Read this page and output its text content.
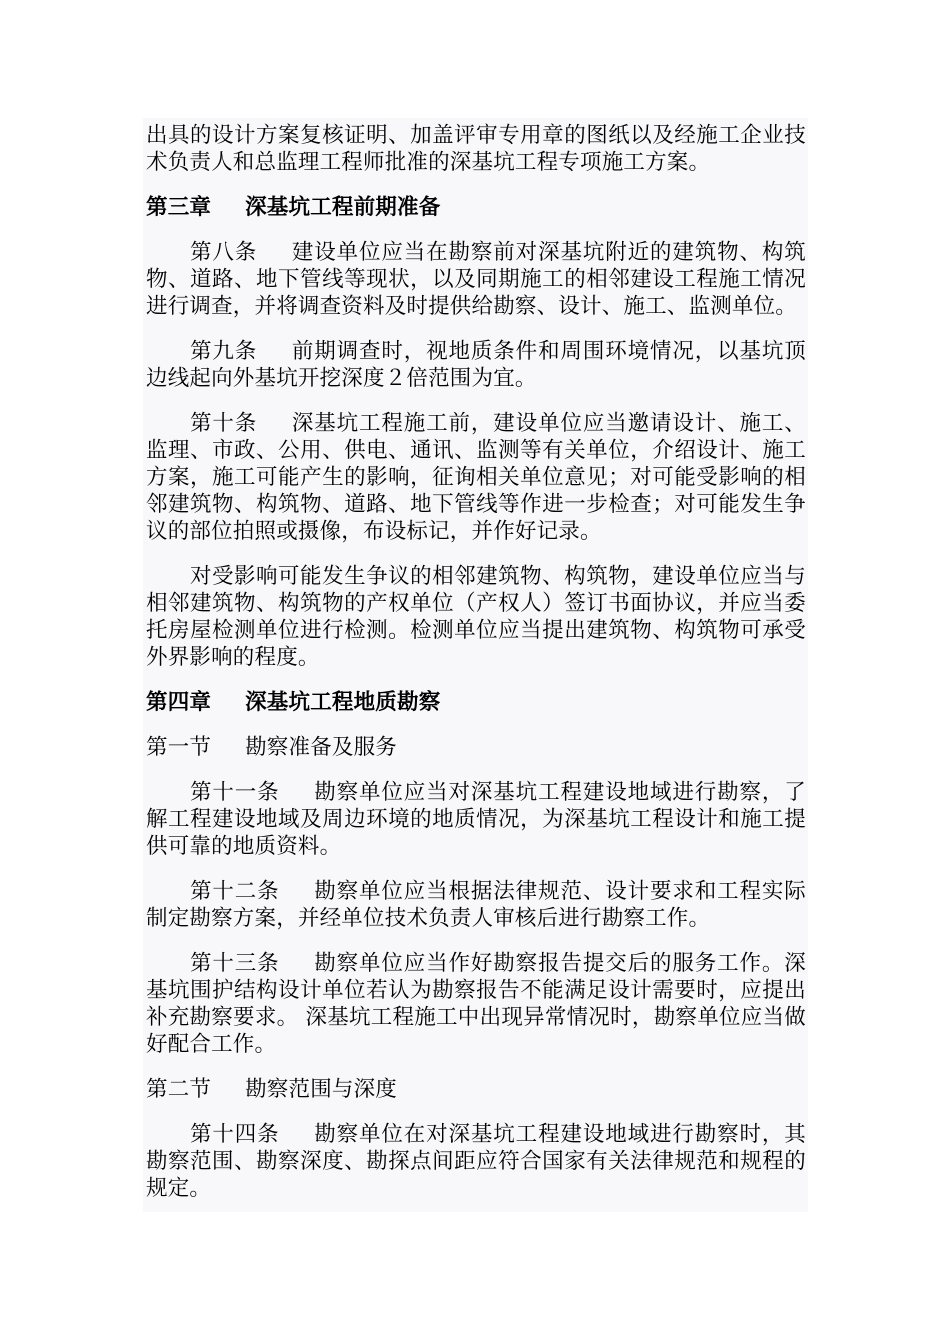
出具的设计方案复核证明、加盖评审专用章的图纸以及经施工企业技术负责人和总监理工程师批准的深基坑工程专项施工方案。

第三章 深基坑工程前期准备

第八条 建设单位应当在勘察前对深基坑附近的建筑物、构筑物、道路、地下管线等现状，以及同期施工的相邻建设工程施工情况进行调查，并将调查资料及时提供给勘察、设计、施工、监测单位。

第九条 前期调查时，视地质条件和周围环境情况，以基坑顶边线起向外基坑开挖深度２倍范围为宜。

第十条 深基坑工程施工前，建设单位应当邀请设计、施工、监理、市政、公用、供电、通讯、监测等有关单位，介绍设计、施工方案，施工可能产生的影响，征询相关单位意见；对可能受影响的相邻建筑物、构筑物、道路、地下管线等作进一步检查；对可能发生争议的部位拍照或摄像，布设标记，并作好记录。

对受影响可能发生争议的相邻建筑物、构筑物，建设单位应当与相邻建筑物、构筑物的产权单位（产权人）签订书面协议，并应当委托房屋检测单位进行检测。检测单位应当提出建筑物、构筑物可承受外界影响的程度。

第四章 深基坑工程地质勘察
第一节 勘察准备及服务

第十一条 勘察单位应当对深基坑工程建设地域进行勘察，了解工程建设地域及周边环境的地质情况，为深基坑工程设计和施工提供可靠的地质资料。

第十二条 勘察单位应当根据法律规范、设计要求和工程实际制定勘察方案，并经单位技术负责人审核后进行勘察工作。

第十三条 勘察单位应当作好勘察报告提交后的服务工作。深基坑围护结构设计单位若认为勘察报告不能满足设计需要时，应提出补充勘察要求。 深基坑工程施工中出现异常情况时，勘察单位应当做好配合工作。

第二节 勘察范围与深度

第十四条 勘察单位在对深基坑工程建设地域进行勘察时，其勘察范围、勘察深度、勘探点间距应符合国家有关法律规范和规程的规定。
